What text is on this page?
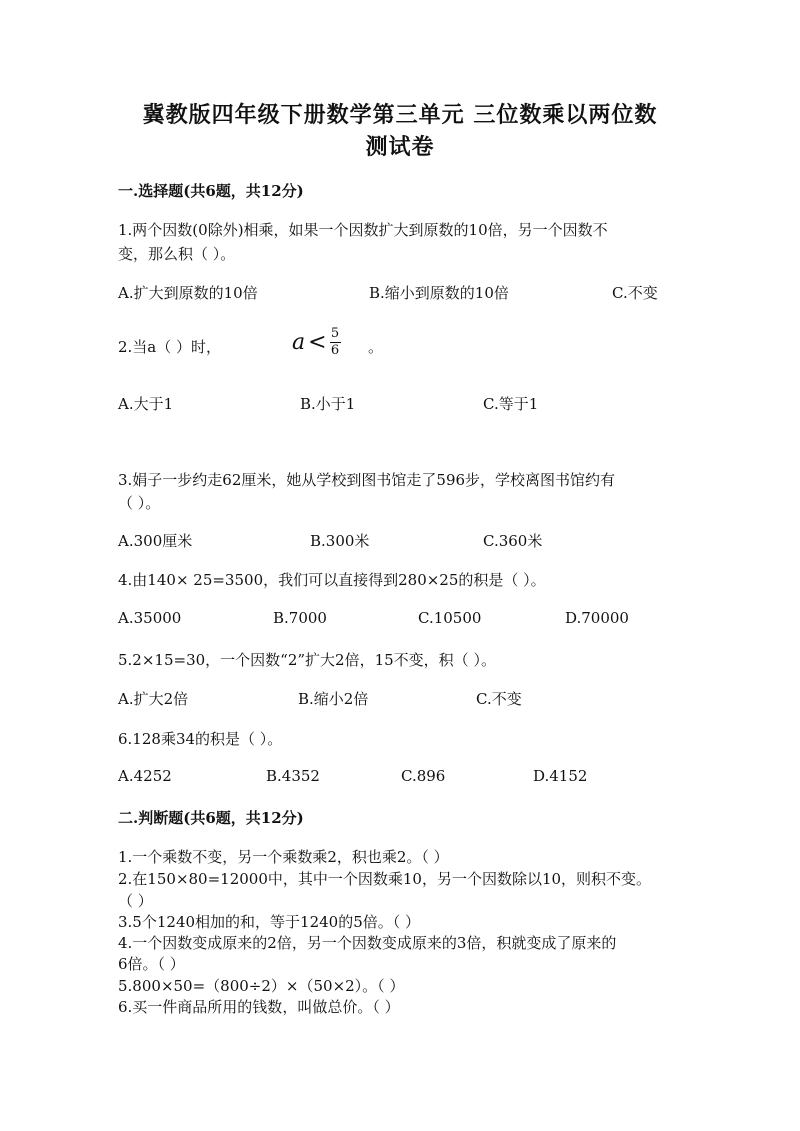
冀教版四年级下册数学第三单元 三位数乘以两位数
测试卷
一.选择题(共6题，共12分)
1.两个因数(0除外)相乘，如果一个因数扩大到原数的10倍，另一个因数不
变，那么积（ ）。
A.扩大到原数的10倍	B.缩小到原数的10倍	C.不变
2.当a（ ）时，	$a < \frac{5}{6}$ 。
A.大于1	B.小于1	C.等于1
3.娟子一步约走62厘米，她从学校到图书馆走了596步，学校离图书馆约有
（ ）。
A.300厘米	B.300米	C.360米
4.由140× 25=3500，我们可以直接得到280×25的积是（ ）。
A.35000	B.7000	C.10500	D.70000
5.2×15=30，一个因数“2”扩大2倍，15不变，积（ ）。
A.扩大2倍	B.缩小2倍	C.不变
6.128乘34的积是（ ）。
A.4252	B.4352	C.896	D.4152
二.判断题(共6题，共12分)
1.一个乘数不变，另一个乘数乘2，积也乘2。（ ）
2.在150×80=12000中，其中一个因数乘10，另一个因数除以10，则积不变。
（ ）
3.5个1240相加的和，等于1240的5倍。（ ）
4.一个因数变成原来的2倍，另一个因数变成原来的3倍，积就变成了原来的
6倍。（ ）
5.800×50=（800÷2）×（50×2）。（ ）
6.买一件商品所用的钱数，叫做总价。（ ）
